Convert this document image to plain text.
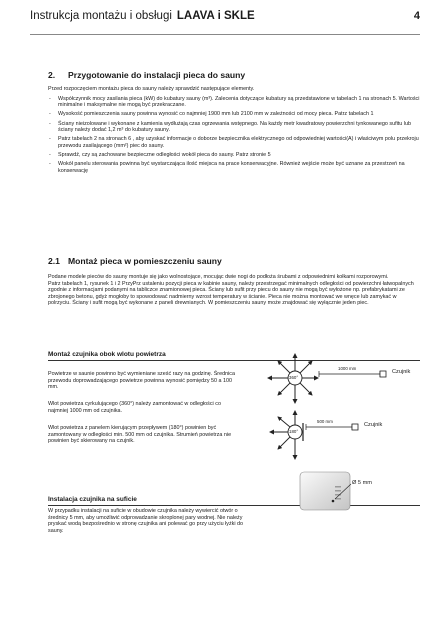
Instrukcja montażu i obsługi LAAVA i SKLE	4
2. Przygotowanie do instalacji pieca do sauny

Przed rozpoczęciem montażu pieca do sauny należy sprawdzić następujące elementy.

- Współczynnik mocy zasilania pieca (kW) do kubatury sauny (m³). Zalecenia dotyczące kubatury są przedstawione w tabelach 1 na stronach 5. Wartości minimalne i maksymalne nie mogą być przekraczane.
- Wysokość pomieszczenia sauny powinna wynosić co najmniej 1900 mm lub 2100 mm w zależności od mocy pieca. Patrz tabelach 1
- Ściany nieizolowane i wykonane z kamienia wydłużają czas ogrzewania wstępnego. Na każdy metr kwadratowy powierzchni tynkowanego sufitu lub ściany należy dodać 1,2 m³ do kubatury sauny.
- Patrz tabelach 2 na stronach 6 , aby uzyskać informacje o doborze bezpiecznika elektrycznego od odpowiedniej wartości(A) i właściwym polu przekroju przewodu zasilającego (mm²) piec do sauny.
- Sprawdź, czy są zachowane bezpieczne odległości wokół pieca do sauny. Patrz stronie 5
- Wokół panelu sterowania powinna być wystarczająca ilość miejsca na prace konserwacyjne. Również wejście może być uznane za przestrzeń na konserwację
2.1 Montaż pieca w pomieszczeniu sauny
Podane modele pieców do sauny montuje się jako wolnostojące, mocując dwie nogi do podłoża śrubami z odpowiednimi kołkami rozporowymi.
Patrz tabelach 1, rysunek 1 i 2 PrzyPrz ustaleniu pozycji pieca w kabinie sauny, należy przestrzegać minimalnych odległości od powierzchni łatwopalnych zgodnie z informacjami podanymi na tabliczce znamionowej pieca. Ściany lub sufit przy piecu do sauny nie mogą być wyłożone np. prefabrykatami ze zbrojonego betonu, gdyż mogłoby to spowodować nadmierny wzrost temperatury w ścianie. Pieca nie można montować we wnęce lub zamykać w polrzyciu. Ściany i sufit mogą być wykonane z paneli drewnianych. W pomieszczeniu sauny może znajdować się wyłącznie jeden piec.
Montaż czujnika obok wlotu powietrza
Powietrze w saunie powinno być wymieniane sześć razy na godzinę. Średnica przewodu doprowadzającego powietrze powinna wynosić pomiędzy 50 a 100 mm.
Wlot powietrza cyrkulującego (360°) należy zamontować w odległości co najmniej 1000 mm od czujnika.
Wlot powietrza z panelem kierującym przepływem (180°) powinien być zamontowany w odległości min. 500 mm od czujnika. Strumień powietrza nie powinien być skierowany na czujnik.
360°
1000 mm
Czujnik
180°
500 mm
Czujnik
Instalacja czujnika na suficie
W przypadku instalacji na suficie w obudowie czujnika należy wywiercić otwór o średnicy 5 mm, aby umożliwić odprowadzanie skroplonej pary wodnej. Nie należy pryskać wodą bezpośrednio w stronę czujnika ani polewać go przy użyciu łyżki do sauny.
Ø 5 mm
